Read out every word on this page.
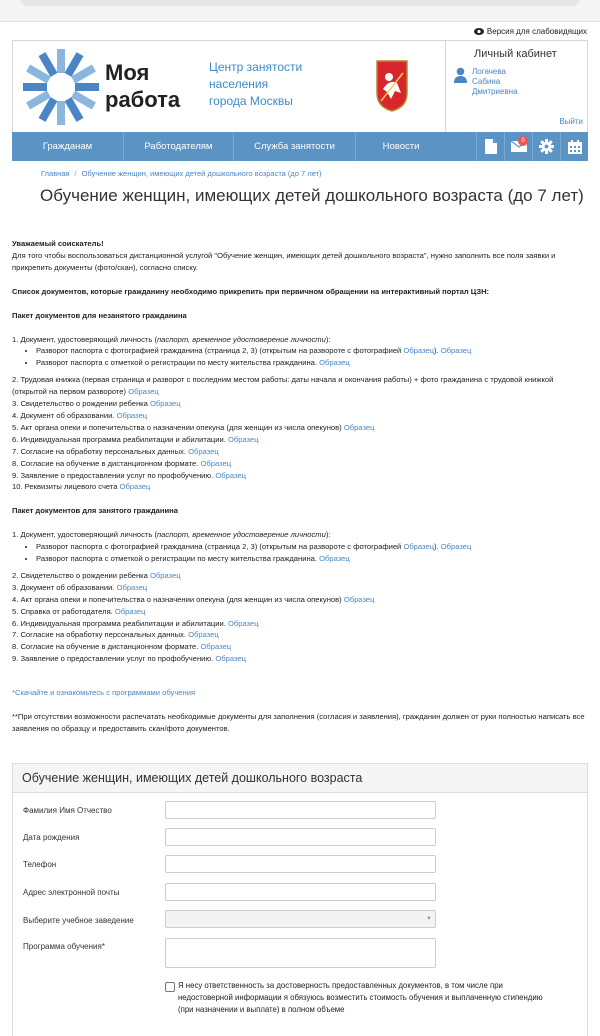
Версия для слабовидящих
Моя
работа
Центр занятости
населения
города Москвы
Личный кабинет
Логачева
Сабина
Дмитриевна
Выйти
Гражданам	Работодателям	Служба занятости	Новости	0
Главная / Обучение женщин, имеющих детей дошкольного возраста (до 7 лет)
Обучение женщин, имеющих детей дошкольного возраста (до 7 лет)

Уважаемый соискатель!

Для того чтобы воспользоваться дистанционной услугой "Обучение женщин, имеющих детей дошкольного возраста", нужно заполнить все поля заявки и прикрепить документы (фото/скан), согласно списку.

Список документов, которые гражданину необходимо прикрепить при первичном обращении на интерактивный портал ЦЗН:

Пакет документов для незанятого гражданина

1. Документ, удостоверяющий личность (паспорт, временное удостоверение личности):

• Разворот паспорта с фотографией гражданина (страница 2, 3) (открытым на развороте с фотографией Образец). Образец
• Разворот паспорта с отметкой о регистрации по месту жительства гражданина. Образец

2. Трудовая книжка (первая страница и разворот с последним местом работы: даты начала и окончания работы) + фото гражданина с трудовой книжкой (открытой на первом развороте) Образец

3. Свидетельство о рождении ребенка Образец

4. Документ об образовании. Образец

5. Акт органа опеки и попечительства о назначении опекуна (для женщин из числа опекунов) Образец

6. Индивидуальная программа реабилитации и абилитации. Образец

7. Согласие на обработку персональных данных. Образец

8. Согласие на обучение в дистанционном формате. Образец

9. Заявление о предоставлении услуг по профобучению. Образец

10. Реквизиты лицевого счета Образец

Пакет документов для занятого гражданина

1. Документ, удостоверяющий личность (паспорт, временное удостоверение личности):

• Разворот паспорта с фотографией гражданина (страница 2, 3) (открытым на развороте с фотографией Образец). Образец
• Разворот паспорта с отметкой о регистрации по месту жительства гражданина. Образец

2. Свидетельство о рождении ребенка Образец

3. Документ об образовании. Образец

4. Акт органа опеки и попечительства о назначении опекуна (для женщин из числа опекунов) Образец

5. Справка от работодателя. Образец

6. Индивидуальная программа реабилитации и абилитации. Образец

7. Согласие на обработку персональных данных. Образец

8. Согласие на обучение в дистанционном формате. Образец

9. Заявление о предоставлении услуг по профобучению. Образец

*Скачайте и ознакомьтесь с программами обучения

**При отсутствии возможности распечатать необходимые документы для заполнения (согласия и заявления), гражданин должен от руки полностью написать все заявления по образцу и предоставить скан/фото документов.

Обучение женщин, имеющих детей дошкольного возраста
Фамилия Имя Отчество
Дата рождения
Телефон
Адрес электронной почты
Выберите учебное заведение	▼
Программа обучения*
Я несу ответственность за достоверность предоставленных документов, в том числе при недостоверной информации я обязуюсь возместить стоимость обучения и выплаченную стипендию (при назначении и выплате) в полном объеме
